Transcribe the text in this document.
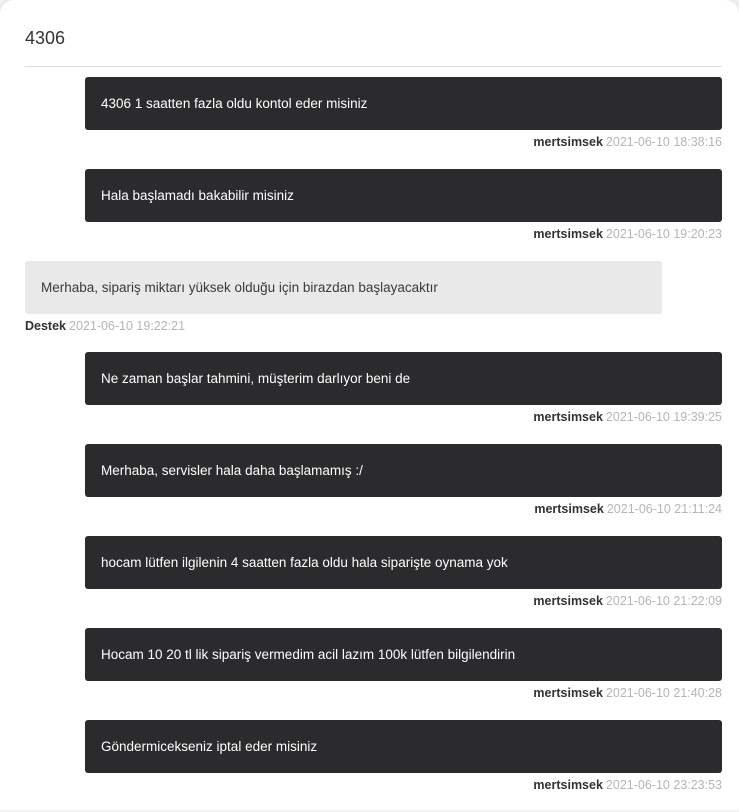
4306
4306 1 saatten fazla oldu kontol eder misiniz
mertsimsek 2021-06-10 18:38:16
Hala başlamadı bakabilir misiniz
mertsimsek 2021-06-10 19:20:23
Merhaba, sipariş miktarı yüksek olduğu için birazdan başlayacaktır
Destek 2021-06-10 19:22:21
Ne zaman başlar tahmini, müşterim darlıyor beni de
mertsimsek 2021-06-10 19:39:25
Merhaba, servisler hala daha başlamamış :/
mertsimsek 2021-06-10 21:11:24
hocam lütfen ilgilenin 4 saatten fazla oldu hala siparişte oynama yok
mertsimsek 2021-06-10 21:22:09
Hocam 10 20 tl lik sipariş vermedim acil lazım 100k lütfen bilgilendirin
mertsimsek 2021-06-10 21:40:28
Göndermicekseniz iptal eder misiniz
mertsimsek 2021-06-10 23:23:53
